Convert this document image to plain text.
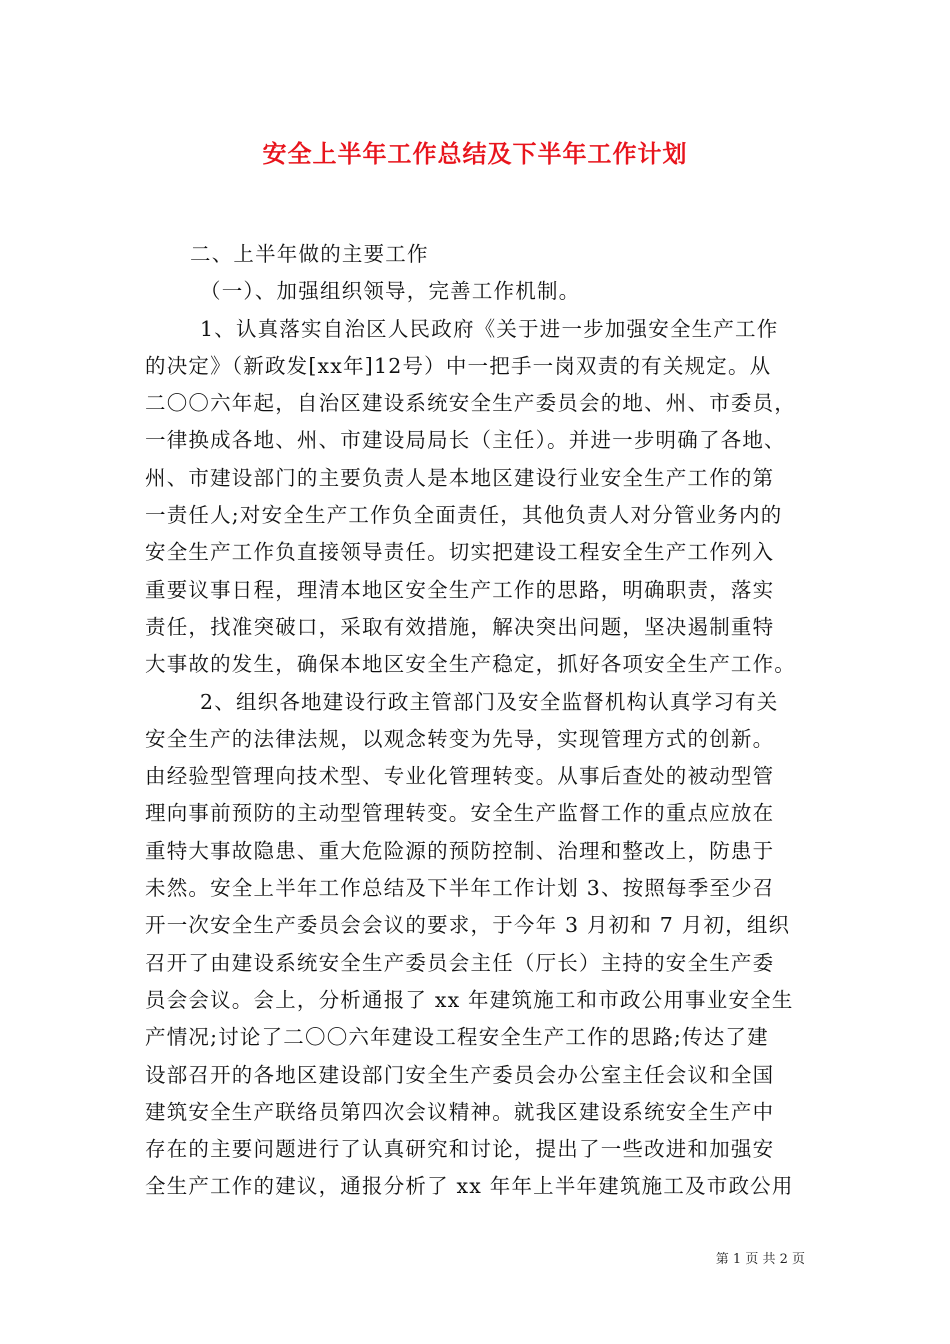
安全上半年工作总结及下半年工作计划
二、上半年做的主要工作
（一）、加强组织领导，完善工作机制。
1、认真落实自治区人民政府《关于进一步加强安全生产工作
的决定》（新政发[xx年]12号）中一把手一岗双责的有关规定。从
二〇〇六年起，自治区建设系统安全生产委员会的地、州、市委员，
一律换成各地、州、市建设局局长（主任）。并进一步明确了各地、
州、市建设部门的主要负责人是本地区建设行业安全生产工作的第
一责任人;对安全生产工作负全面责任，其他负责人对分管业务内的
安全生产工作负直接领导责任。切实把建设工程安全生产工作列入
重要议事日程，理清本地区安全生产工作的思路，明确职责，落实
责任，找准突破口，采取有效措施，解决突出问题，坚决遏制重特
大事故的发生，确保本地区安全生产稳定，抓好各项安全生产工作。
2、组织各地建设行政主管部门及安全监督机构认真学习有关
安全生产的法律法规，以观念转变为先导，实现管理方式的创新。
由经验型管理向技术型、专业化管理转变。从事后查处的被动型管
理向事前预防的主动型管理转变。安全生产监督工作的重点应放在
重特大事故隐患、重大危险源的预防控制、治理和整改上，防患于
未然。安全上半年工作总结及下半年工作计划 3、按照每季至少召
开一次安全生产委员会会议的要求，于今年 3 月初和 7 月初，组织
召开了由建设系统安全生产委员会主任（厅长）主持的安全生产委
员会会议。会上，分析通报了 xx 年建筑施工和市政公用事业安全生
产情况;讨论了二〇〇六年建设工程安全生产工作的思路;传达了建
设部召开的各地区建设部门安全生产委员会办公室主任会议和全国
建筑安全生产联络员第四次会议精神。就我区建设系统安全生产中
存在的主要问题进行了认真研究和讨论，提出了一些改进和加强安
全生产工作的建议，通报分析了 xx 年年上半年建筑施工及市政公用
第 1 页 共 2 页
